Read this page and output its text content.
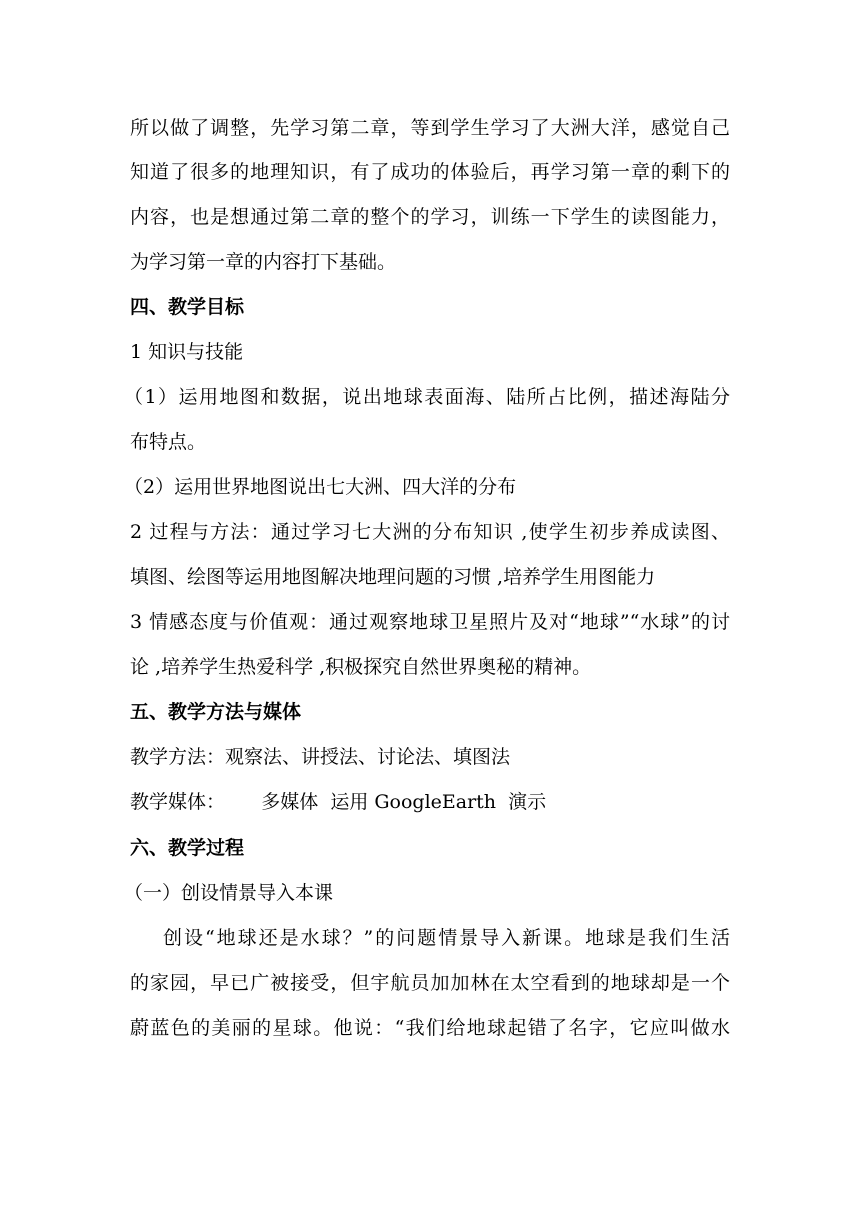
所以做了调整，先学习第二章，等到学生学习了大洲大洋，感觉自己
知道了很多的地理知识，有了成功的体验后，再学习第一章的剩下的
内容，也是想通过第二章的整个的学习，训练一下学生的读图能力，
为学习第一章的内容打下基础。
四、教学目标
1 知识与技能
（1）运用地图和数据，说出地球表面海、陆所占比例，描述海陆分
布特点。
（2）运用世界地图说出七大洲、四大洋的分布
2 过程与方法：通过学习七大洲的分布知识 ,使学生初步养成读图、
填图、绘图等运用地图解决地理问题的习惯 ,培养学生用图能力
3 情感态度与价值观：通过观察地球卫星照片及对“地球”“水球”的讨
论 ,培养学生热爱科学 ,积极探究自然世界奥秘的精神。
五、教学方法与媒体
教学方法：观察法、讲授法、讨论法、填图法
教学媒体：      多媒体  运用 GoogleEarth  演示
六、教学过程
（一）创设情景导入本课
创设“地球还是水球？”的问题情景导入新课。地球是我们生活
的家园，早已广被接受，但宇航员加加林在太空看到的地球却是一个
蔚蓝色的美丽的星球。他说：“我们给地球起错了名字，它应叫做水
